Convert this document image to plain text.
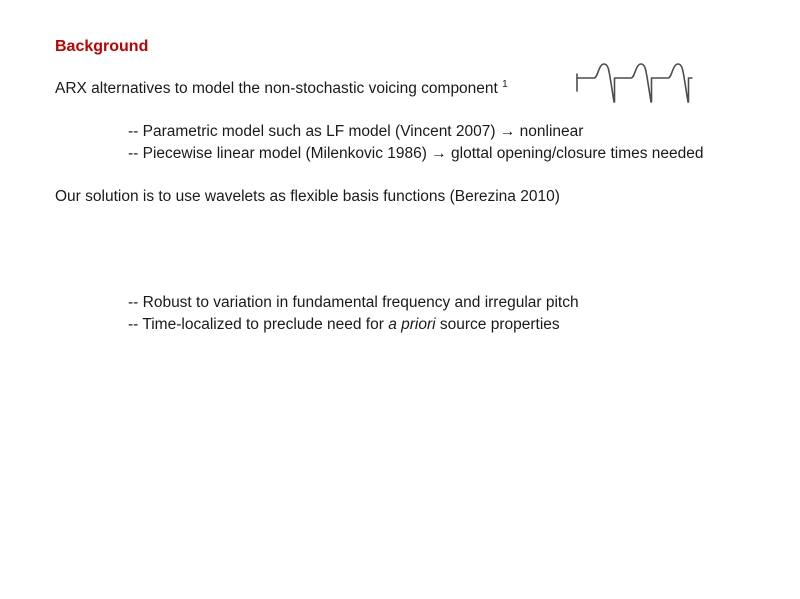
Background

ARX alternatives to model the non-stochastic voicing component $^1$

-- Parametric model such as LF model (Vincent 2007) → nonlinear

-- Piecewise linear model (Milenkovic 1986) → glottal opening/closure times needed

Our solution is to use wavelets as flexible basis functions (Berezina 2010)

-- Robust to variation in fundamental frequency and irregular pitch

-- Time-localized to preclude need for a priori source properties
